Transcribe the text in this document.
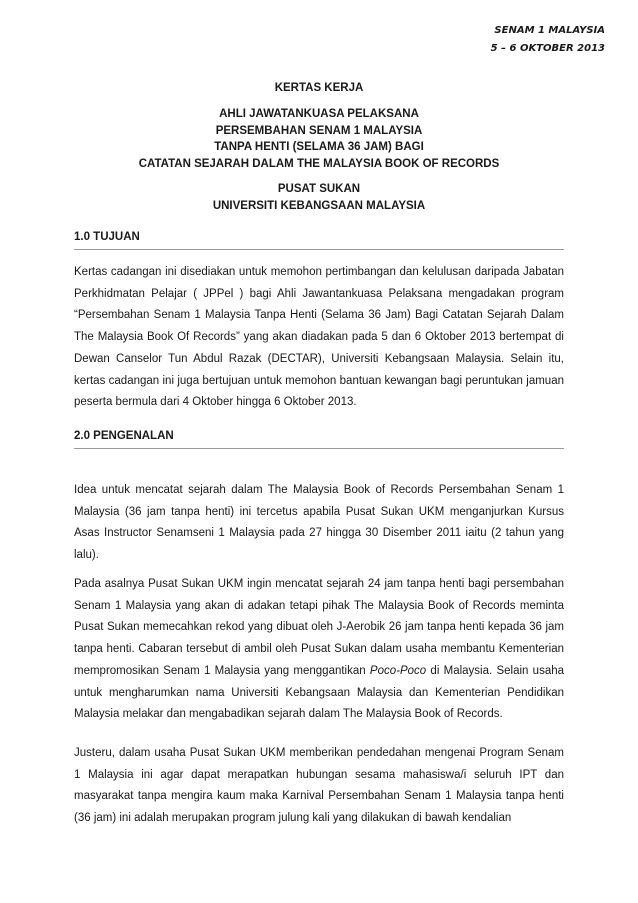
SENAM 1 MALAYSIA
5 – 6 OKTOBER 2013
KERTAS KERJA
AHLI JAWATANKUASA PELAKSANA
PERSEMBAHAN SENAM 1 MALAYSIA
TANPA HENTI (SELAMA 36 JAM) BAGI
CATATAN SEJARAH DALAM THE MALAYSIA BOOK OF RECORDS
PUSAT SUKAN
UNIVERSITI KEBANGSAAN MALAYSIA
1.0 TUJUAN

Kertas cadangan ini disediakan untuk memohon pertimbangan dan kelulusan daripada Jabatan Perkhidmatan Pelajar ( JPPel ) bagi Ahli Jawantankuasa Pelaksana mengadakan program “Persembahan Senam 1 Malaysia Tanpa Henti (Selama 36 Jam) Bagi Catatan Sejarah Dalam The Malaysia Book Of Records” yang akan diadakan pada 5 dan 6 Oktober 2013 bertempat di Dewan Canselor Tun Abdul Razak (DECTAR), Universiti Kebangsaan Malaysia. Selain itu, kertas cadangan ini juga bertujuan untuk memohon bantuan kewangan bagi peruntukan jamuan peserta bermula dari 4 Oktober hingga 6 Oktober 2013.

2.0 PENGENALAN

Idea untuk mencatat sejarah dalam The Malaysia Book of Records Persembahan Senam 1 Malaysia (36 jam tanpa henti) ini tercetus apabila Pusat Sukan UKM menganjurkan Kursus Asas Instructor Senamseni 1 Malaysia pada 27 hingga 30 Disember 2011 iaitu (2 tahun yang lalu).

Pada asalnya Pusat Sukan UKM ingin mencatat sejarah 24 jam tanpa henti bagi persembahan Senam 1 Malaysia yang akan di adakan tetapi pihak The Malaysia Book of Records meminta Pusat Sukan memecahkan rekod yang dibuat oleh J-Aerobik 26 jam tanpa henti kepada 36 jam tanpa henti. Cabaran tersebut di ambil oleh Pusat Sukan dalam usaha membantu Kementerian mempromosikan Senam 1 Malaysia yang menggantikan Poco-Poco di Malaysia. Selain usaha untuk mengharumkan nama Universiti Kebangsaan Malaysia dan Kementerian Pendidikan Malaysia melakar dan mengabadikan sejarah dalam The Malaysia Book of Records.

Justeru, dalam usaha Pusat Sukan UKM memberikan pendedahan mengenai Program Senam 1 Malaysia ini agar dapat merapatkan hubungan sesama mahasiswa/i seluruh IPT dan masyarakat tanpa mengira kaum maka Karnival Persembahan Senam 1 Malaysia tanpa henti (36 jam) ini adalah merupakan program julung kali yang dilakukan di bawah kendalian
